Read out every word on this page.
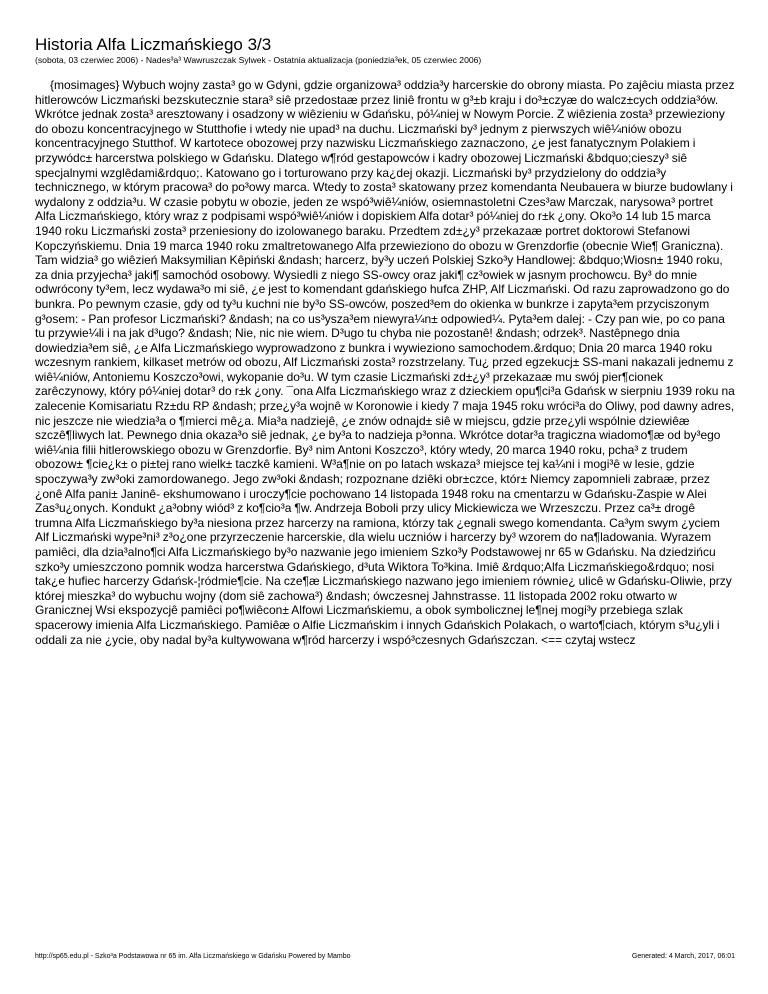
Historia Alfa Liczmańskiego 3/3
(sobota, 03 czerwiec 2006) - Nades³a³ Wawruszczak Sylwek - Ostatnia aktualizacja (poniedzia³ek, 05 czerwiec 2006)
{mosimages} Wybuch wojny zasta³ go w Gdyni, gdzie organizowa³ oddzia³y harcerskie do obrony miasta. Po zajêciu miasta przez hitlerowców Liczmański bezskutecznie stara³ siê przedostaæ przez liniê frontu w g³±b kraju i do³±czyæ do walcz±cych oddzia³ów. Wkrótce jednak zosta³ aresztowany i osadzony w wiêzieniu w Gdańsku, pó¼niej w Nowym Porcie. Z wiêzienia zosta³ przewieziony do obozu koncentracyjnego w Stutthofie i wtedy nie upad³ na duchu. Liczmański by³ jednym z pierwszych wiê¼niów obozu koncentracyjnego Stutthof. W kartotece obozowej przy nazwisku Liczmańskiego zaznaczono, ¿e jest fanatycznym Polakiem i przywódc± harcerstwa polskiego w Gdańsku. Dlatego w¶ród gestapowców i kadry obozowej Liczmański &bdquo;cieszy³ siê specjalnymi wzglêdami&rdquo;. Katowano go i torturowano przy ka¿dej okazji. Liczmański by³ przydzielony do oddzia³y technicznego, w którym pracowa³ do po³owy marca. Wtedy to zosta³ skatowany przez komendanta Neubauera w biurze budowlany i wydalony z oddzia³u. W czasie pobytu w obozie, jeden ze wspó³wiê¼niów, osiemnastoletni Czes³aw Marczak, narysowa³ portret Alfa Liczmańskiego, który wraz z podpisami wspó³wiê¼niów i dopiskiem Alfa dotar³ pó¼niej do r±k ¿ony. Oko³o 14 lub 15 marca 1940 roku Liczmański zosta³ przeniesiony do izolowanego baraku. Przedtem zd±¿y³ przekazaæ portret doktorowi Stefanowi Kopczyńskiemu. Dnia 19 marca 1940 roku zmaltretowanego Alfa przewieziono do obozu w Grenzdorfie (obecnie Wie¶ Graniczna). Tam widzia³ go wiêzień Maksymilian Kêpiński &ndash; harcerz, by³y uczeń Polskiej Szko³y Handlowej: &bdquo;Wiosn± 1940 roku, za dnia przyjecha³ jaki¶ samochód osobowy. Wysiedli z niego SS-owcy oraz jaki¶ cz³owiek w jasnym prochowcu. By³ do mnie odwrócony ty³em, lecz wydawa³o mi siê, ¿e jest to komendant gdańskiego hufca ZHP, Alf Liczmański. Od razu zaprowadzono go do bunkra. Po pewnym czasie, gdy od ty³u kuchni nie by³o SS-owców, poszed³em do okienka w bunkrze i zapyta³em przyciszonym g³osem: - Pan profesor Liczmański? &ndash; na co us³ysza³em niewyra¼n± odpowied¼. Pyta³em dalej: - Czy pan wie, po co pana tu przywie¼li i na jak d³ugo? &ndash; Nie, nic nie wiem. D³ugo tu chyba nie pozostanê! &ndash; odrzek³. Nastêpnego dnia dowiedzia³em siê, ¿e Alfa Liczmańskiego wyprowadzono z bunkra i wywieziono samochodem.&rdquo; Dnia 20 marca 1940 roku wczesnym rankiem, kilkaset metrów od obozu, Alf Liczmański zosta³ rozstrzelany. Tu¿ przed egzekucj± SS-mani nakazali jednemu z wiê¼niów, Antoniemu Koszczo³owi, wykopanie do³u. W tym czasie Liczmański zd±¿y³ przekazaæ mu swój pier¶cionek zarêczynowy, który pó¼niej dotar³ do r±k ¿ony. ¯ona Alfa Liczmańskiego wraz z dzieckiem opu¶ci³a Gdańsk w sierpniu 1939 roku na zalecenie Komisariatu Rz±du RP &ndash; prze¿y³a wojnê w Koronowie i kiedy 7 maja 1945 roku wróci³a do Oliwy, pod dawny adres, nic jeszcze nie wiedzia³a o ¶mierci mê¿a. Mia³a nadziejê, ¿e znów odnajd± siê w miejscu, gdzie prze¿yli wspólnie dziewiêæ szczê¶liwych lat. Pewnego dnia okaza³o siê jednak, ¿e by³a to nadzieja p³onna. Wkrótce dotar³a tragiczna wiadomo¶æ od by³ego wiê¼nia filii hitlerowskiego obozu w Grenzdorfie. By³ nim Antoni Koszczo³, który wtedy, 20 marca 1940 roku, pcha³ z trudem obozow± ¶cie¿k± o pi±tej rano wielk± taczkê kamieni. W³a¶nie on po latach wskaza³ miejsce tej ka¼ni i mogi³ê w lesie, gdzie spoczywa³y zw³oki zamordowanego. Jego zw³oki &ndash; rozpoznane dziêki obr±czce, któr± Niemcy zapomnieli zabraæ, przez ¿onê Alfa pani± Janinê- ekshumowano i uroczy¶cie pochowano 14 listopada 1948 roku na cmentarzu w Gdańsku-Zaspie w Alei Zas³u¿onych. Kondukt ¿a³obny wiód³ z ko¶cio³a ¶w. Andrzeja Boboli przy ulicy Mickiewicza we Wrzeszczu. Przez ca³± drogê trumna Alfa Liczmańskiego by³a niesiona przez harcerzy na ramiona, którzy tak ¿egnali swego komendanta. Ca³ym swym ¿yciem Alf Liczmański wype³ni³ z³o¿one przyrzeczenie harcerskie, dla wielu uczniów i harcerzy by³ wzorem do na¶ladowania. Wyrazem pamiêci, dla dzia³alno¶ci Alfa Liczmańskiego by³o nazwanie jego imieniem Szko³y Podstawowej nr 65 w Gdańsku. Na dziedzińcu szko³y umieszczono pomnik wodza harcerstwa Gdańskiego, d³uta Wiktora To³kina. Imiê &rdquo;Alfa Liczmańskiego&rdquo; nosi tak¿e hufiec harcerzy Gdańsk-¦ródmie¶cie. Na cze¶æ Liczmańskiego nazwano jego imieniem równie¿ ulicê w Gdańsku-Oliwie, przy której mieszka³ do wybuchu wojny (dom siê zachowa³) &ndash; ówczesnej Jahnstrasse. 11 listopada 2002 roku otwarto w Granicznej Wsi ekspozycjê pamiêci po¶wiêcon± Alfowi Liczmańskiemu, a obok symbolicznej le¶nej mogi³y przebiega szlak spacerowy imienia Alfa Liczmańskiego. Pamiêæ o Alfie Liczmańskim i innych Gdańskich Polakach, o warto¶ciach, którym s³u¿yli i oddali za nie ¿ycie, oby nadal by³a kultywowana w¶ród harcerzy i wspó³czesnych Gdańszczan. <== czytaj wstecz
http://sp65.edu.pl - Szko³a Podstawowa nr 65 im. Alfa Liczmańskiego w Gdańsku Powered by Mambo	Generated: 4 March, 2017, 06:01
